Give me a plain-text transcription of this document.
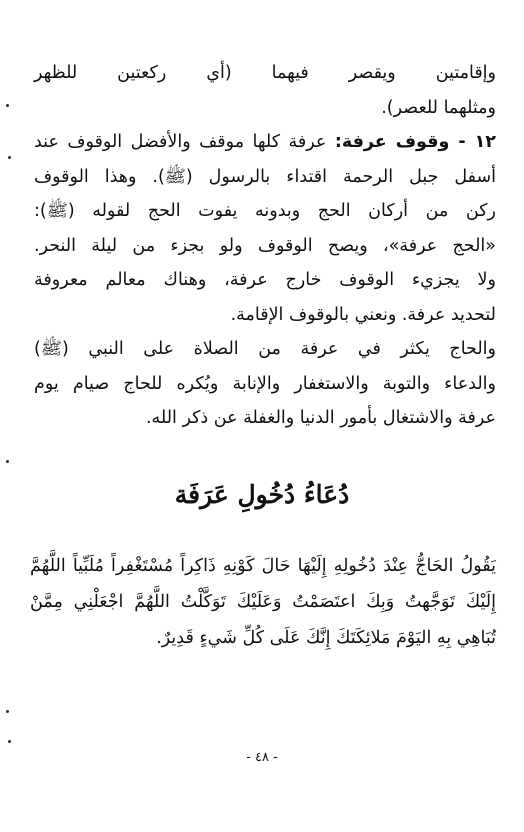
وإقامتين ويقصر فيهما (أي ركعتين للظهر
ومثلهما للعصر).
١٢ - وقوف عرفة: عرفة كلها موقف والأفضل الوقوف عند
أسفل جبل الرحمة اقتداء بالرسول (ﷺ). وهذا الوقوف
ركن من أركان الحج وبدونه يفوت الحج لقوله (ﷺ):
«الحج عرفة»، ويصح الوقوف ولو بجزء من ليلة النحر.
ولا يجزيء الوقوف خارج عرفة، وهناك معالم معروفة
لتحديد عرفة. ونعني بالوقوف الإقامة.
والحاج يكثر في عرفة من الصلاة على النبي (ﷺ)
والدعاء والتوبة والاستغفار والإنابة ويُكره للحاج صيام يوم
عرفة والاشتغال بأمور الدنيا والغفلة عن ذكر الله.
دُعَاءُ دُخُولِ عَرَفَة
يَقُولُ الحَاجُّ عِنْدَ دُخُولِهِ إِلَيْهَا حَالَ كَوْنِهِ ذَاكِراً مُسْتَغْفِراً مُلَبِّياً اللَّهُمَّ إِلَيْكَ تَوَجَّهتُ وَبِكَ اعتَصَمْتُ وَعَلَيْكَ تَوَكَّلْتُ اللَّهُمَّ اجْعَلْنِي مِمَّنْ تُبَاهِي بِهِ اليَوْمَ مَلائِكَتَكَ إِنَّكَ عَلَى كُلِّ شَيءٍ قَدِيرٌ.
- ٤٨ -
